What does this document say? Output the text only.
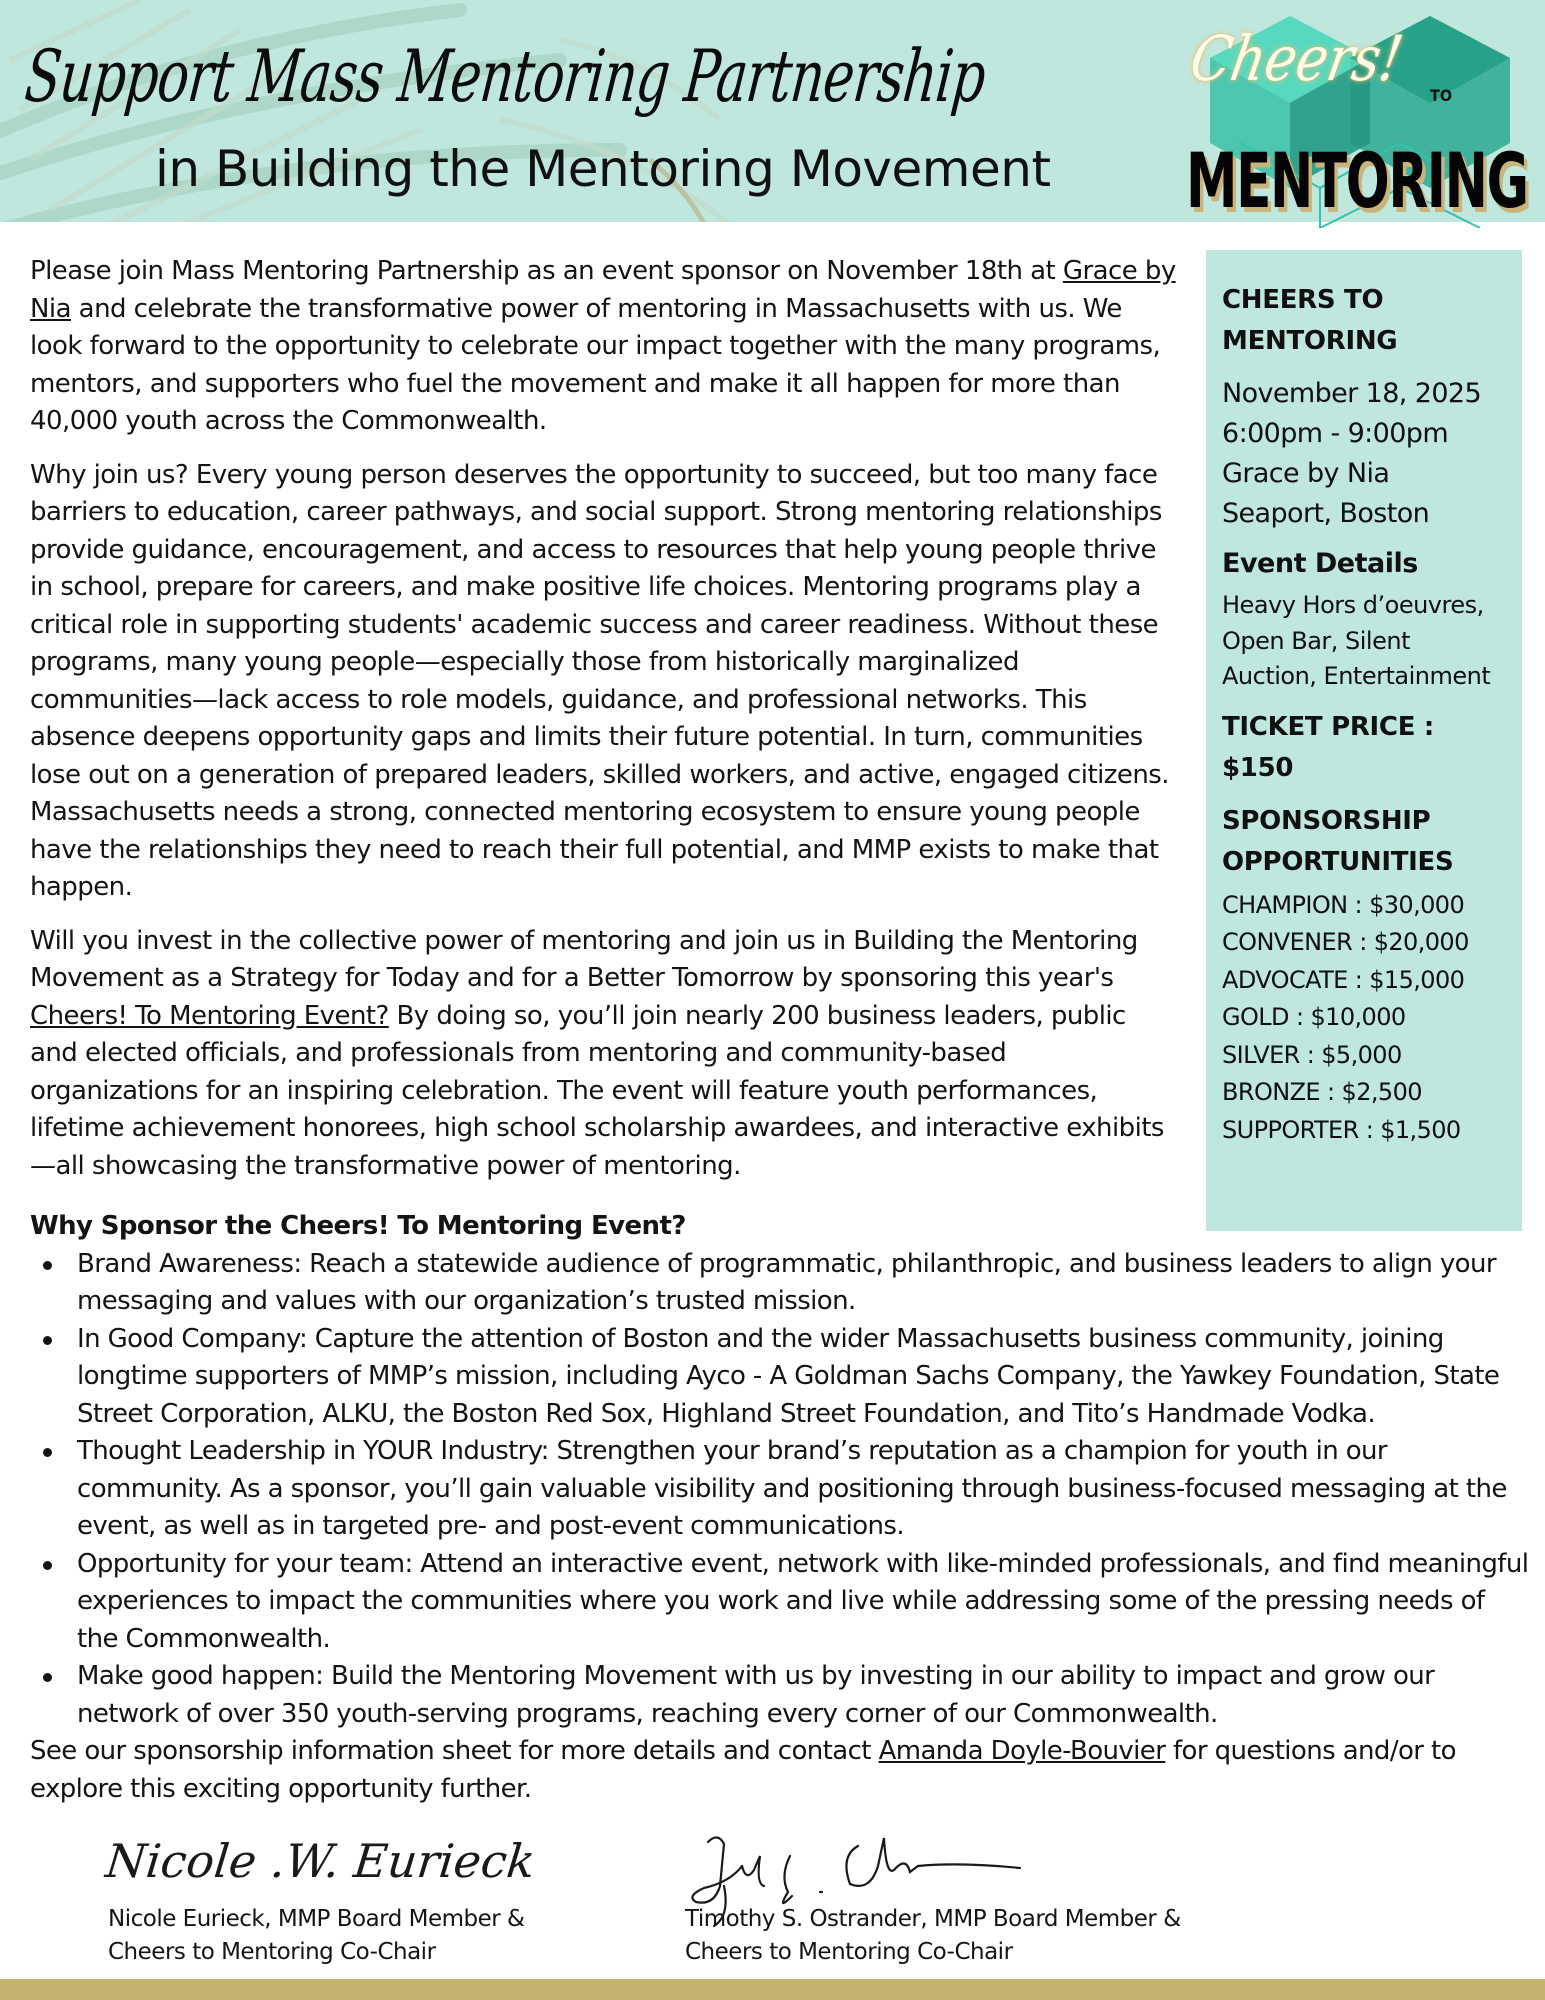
Support Mass Mentoring Partnership
in Building the Mentoring Movement
Cheers!
TO
MENTORING

Please join Mass Mentoring Partnership as an event sponsor on November 18th at Grace by Nia and celebrate the transformative power of mentoring in Massachusetts with us. We look forward to the opportunity to celebrate our impact together with the many programs, mentors, and supporters who fuel the movement and make it all happen for more than 40,000 youth across the Commonwealth.

Why join us? Every young person deserves the opportunity to succeed, but too many face barriers to education, career pathways, and social support. Strong mentoring relationships provide guidance, encouragement, and access to resources that help young people thrive in school, prepare for careers, and make positive life choices. Mentoring programs play a critical role in supporting students' academic success and career readiness. Without these programs, many young people—especially those from historically marginalized communities—lack access to role models, guidance, and professional networks. This absence deepens opportunity gaps and limits their future potential. In turn, communities lose out on a generation of prepared leaders, skilled workers, and active, engaged citizens. Massachusetts needs a strong, connected mentoring ecosystem to ensure young people have the relationships they need to reach their full potential, and MMP exists to make that happen.

Will you invest in the collective power of mentoring and join us in Building the Mentoring Movement as a Strategy for Today and for a Better Tomorrow by sponsoring this year's Cheers! To Mentoring Event? By doing so, you’ll join nearly 200 business leaders, public and elected officials, and professionals from mentoring and community-based organizations for an inspiring celebration. The event will feature youth performances, lifetime achievement honorees, high school scholarship awardees, and interactive exhibits—all showcasing the transformative power of mentoring.

CHEERS TO MENTORING
November 18, 2025
6:00pm - 9:00pm
Grace by Nia
Seaport, Boston
Event Details
Heavy Hors d’oeuvres, Open Bar, Silent Auction, Entertainment
TICKET PRICE : $150
SPONSORSHIP OPPORTUNITIES
CHAMPION : $30,000
CONVENER : $20,000
ADVOCATE : $15,000
GOLD : $10,000
SILVER : $5,000
BRONZE : $2,500
SUPPORTER : $1,500
Why Sponsor the Cheers! To Mentoring Event?
Brand Awareness: Reach a statewide audience of programmatic, philanthropic, and business leaders to align your messaging and values with our organization’s trusted mission.
In Good Company: Capture the attention of Boston and the wider Massachusetts business community, joining longtime supporters of MMP’s mission, including Ayco - A Goldman Sachs Company, the Yawkey Foundation, State Street Corporation, ALKU, the Boston Red Sox, Highland Street Foundation, and Tito’s Handmade Vodka.
Thought Leadership in YOUR Industry: Strengthen your brand’s reputation as a champion for youth in our community. As a sponsor, you’ll gain valuable visibility and positioning through business-focused messaging at the event, as well as in targeted pre- and post-event communications.
Opportunity for your team: Attend an interactive event, network with like-minded professionals, and find meaningful experiences to impact the communities where you work and live while addressing some of the pressing needs of the Commonwealth.
Make good happen: Build the Mentoring Movement with us by investing in our ability to impact and grow our network of over 350 youth-serving programs, reaching every corner of our Commonwealth.

See our sponsorship information sheet for more details and contact Amanda Doyle-Bouvier for questions and/or to explore this exciting opportunity further.

Nicole .W. Eurieck
Nicole Eurieck, MMP Board Member &
Cheers to Mentoring Co-Chair
Timothy S. Ostrander, MMP Board Member &
Cheers to Mentoring Co-Chair
